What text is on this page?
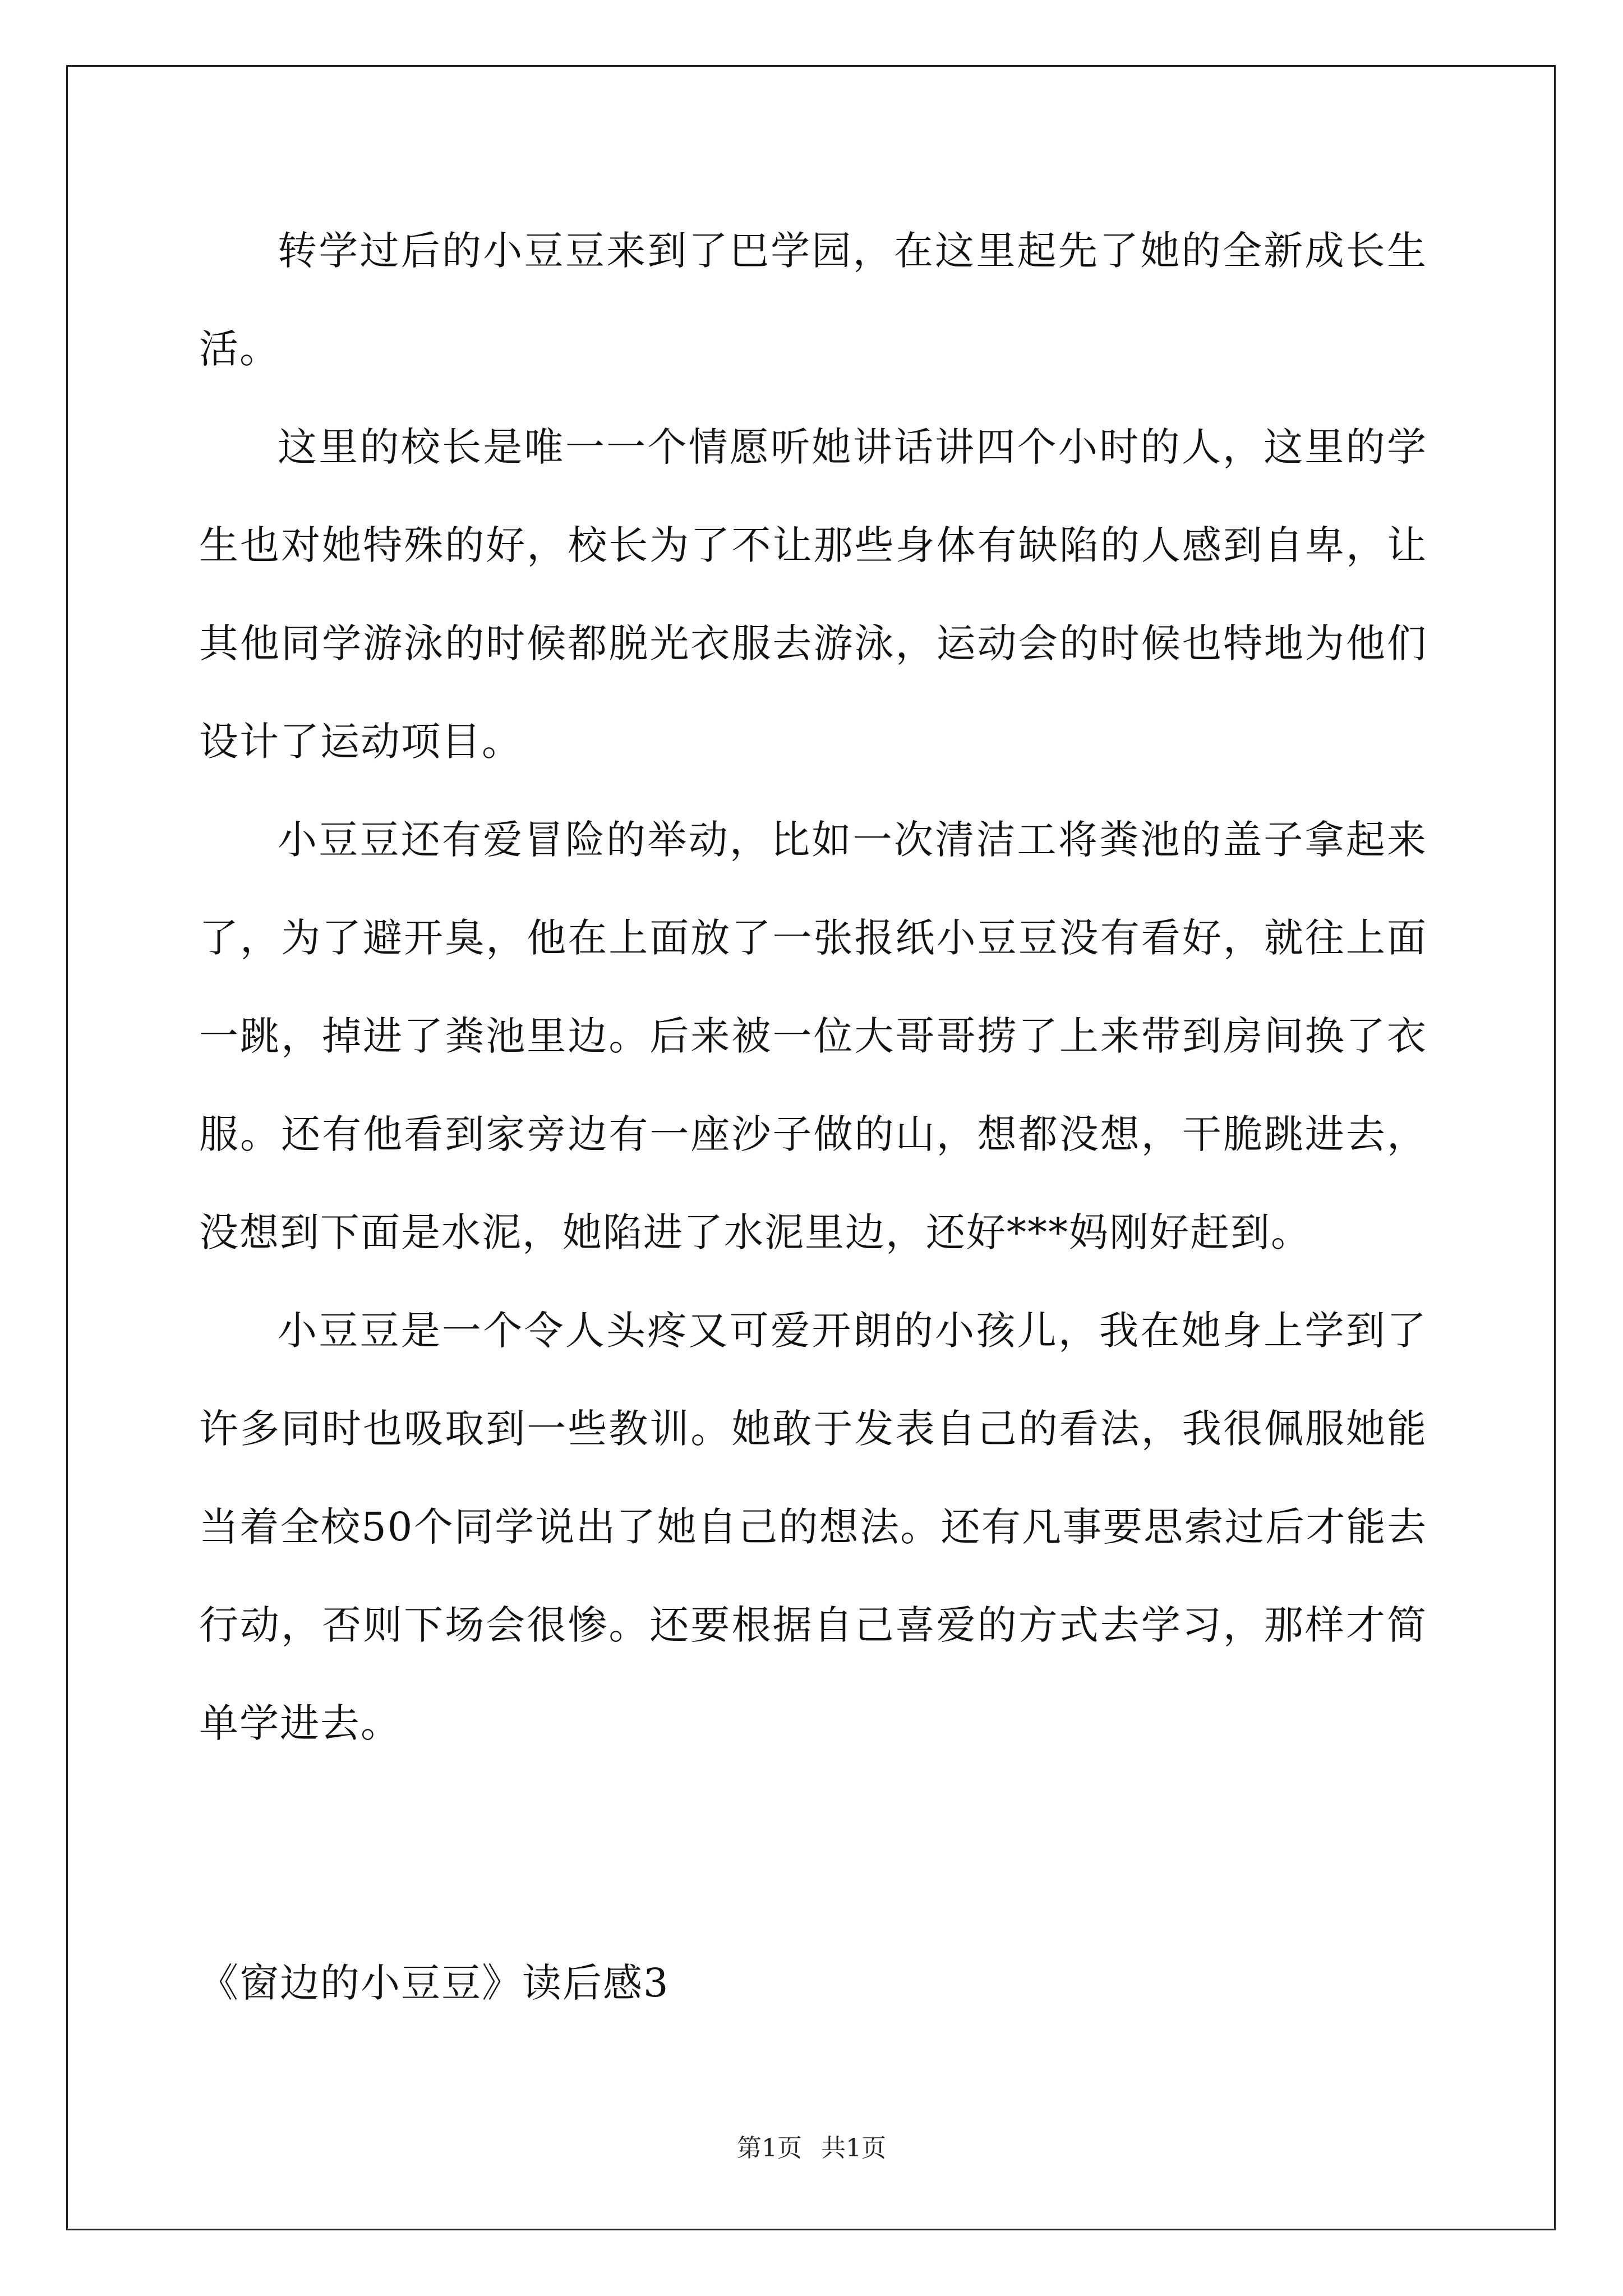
转学过后的小豆豆来到了巴学园，在这里起先了她的全新成长生活。

这里的校长是唯一一个情愿听她讲话讲四个小时的人，这里的学生也对她特殊的好，校长为了不让那些身体有缺陷的人感到自卑，让其他同学游泳的时候都脱光衣服去游泳，运动会的时候也特地为他们设计了运动项目。

小豆豆还有爱冒险的举动，比如一次清洁工将粪池的盖子拿起来了，为了避开臭，他在上面放了一张报纸小豆豆没有看好，就往上面一跳，掉进了粪池里边。后来被一位大哥哥捞了上来带到房间换了衣服。还有他看到家旁边有一座沙子做的山，想都没想，干脆跳进去，没想到下面是水泥，她陷进了水泥里边，还好***妈刚好赶到。

小豆豆是一个令人头疼又可爱开朗的小孩儿，我在她身上学到了许多同时也吸取到一些教训。她敢于发表自己的看法，我很佩服她能当着全校50个同学说出了她自己的想法。还有凡事要思索过后才能去行动，否则下场会很惨。还要根据自己喜爱的方式去学习，那样才简单学进去。

《窗边的小豆豆》读后感3
第1页 共1页
